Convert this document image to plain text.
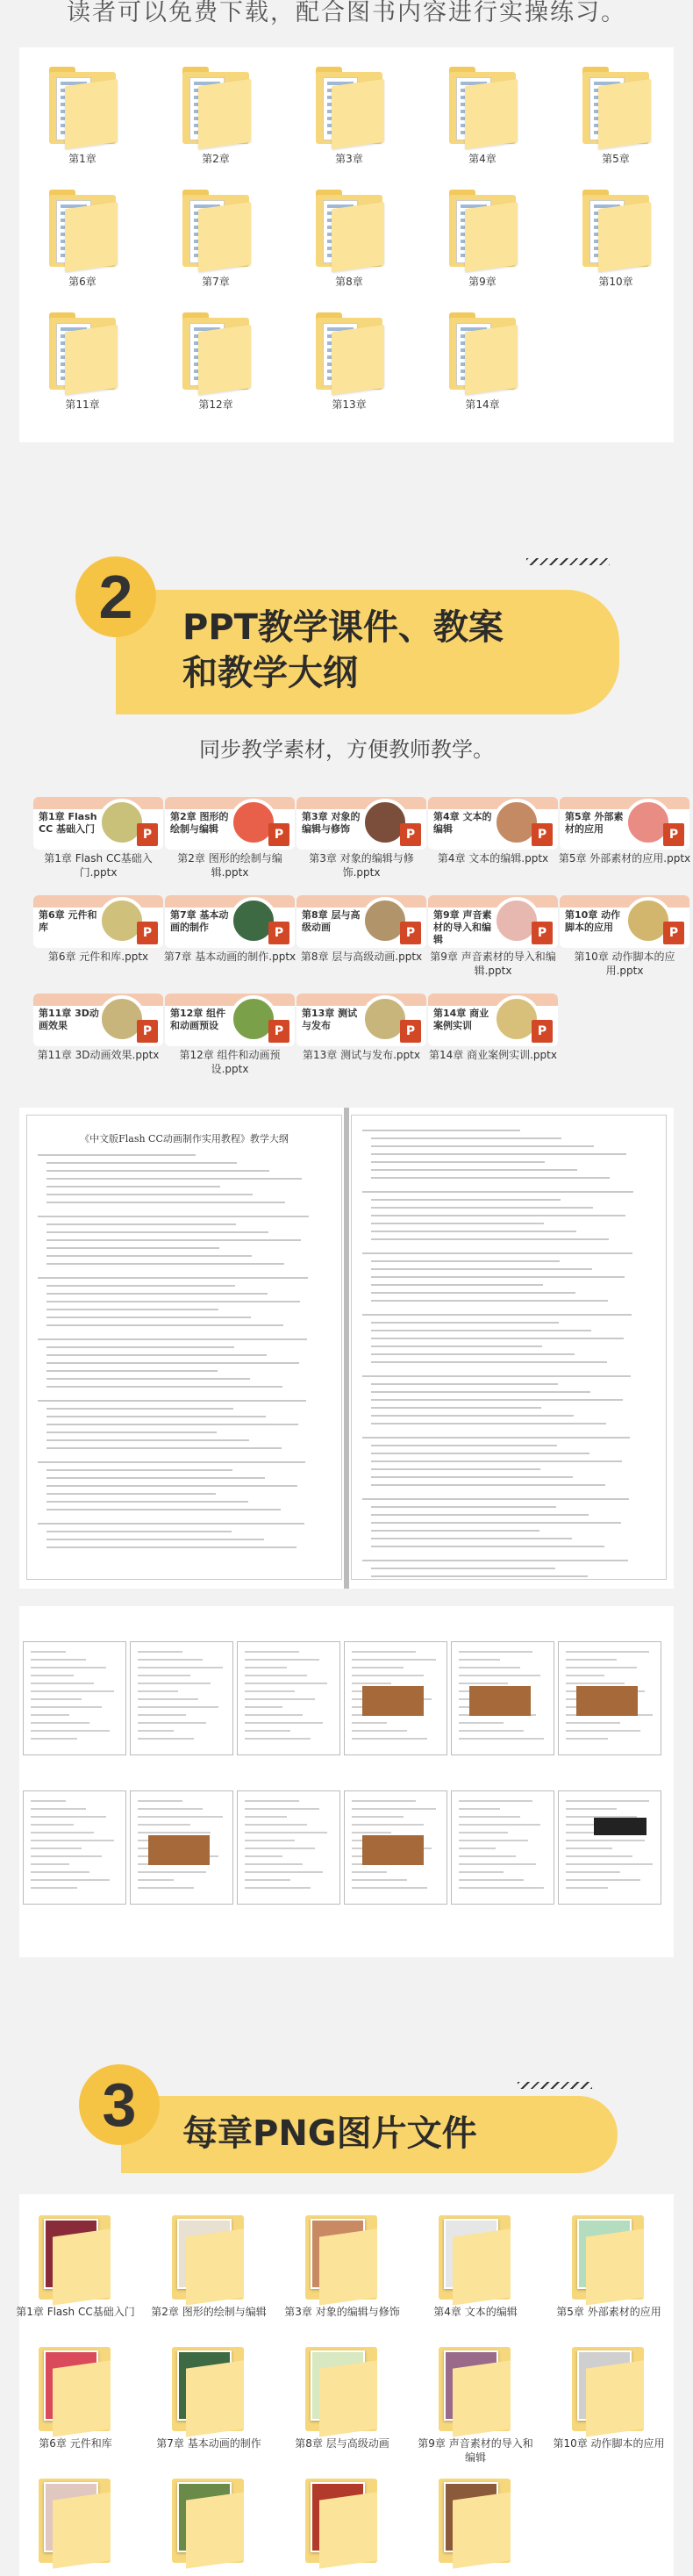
读者可以免费下载，配合图书内容进行实操练习。
第1章	第2章	第3章	第4章	第5章
第6章	第7章	第8章	第9章	第10章
第11章	第12章	第13章	第14章
PPT教学课件、教案
和教学大纲
2
同步教学素材，方便教师教学。
第1章 Flash CC 基础入门	P
第1章 Flash CC基础入门.pptx
第2章 图形的绘制与编辑	P
第2章 图形的绘制与编辑.pptx
第3章 对象的编辑与修饰	P
第3章 对象的编辑与修饰.pptx
第4章 文本的编辑	P
第4章 文本的编辑.pptx
第5章 外部素材的应用	P
第5章 外部素材的应用.pptx
第6章 元件和库	P
第6章 元件和库.pptx
第7章 基本动画的制作	P
第7章 基本动画的制作.pptx
第8章 层与高级动画	P
第8章 层与高级动画.pptx
第9章 声音素材的导入和编辑	P
第9章 声音素材的导入和编辑.pptx
第10章 动作脚本的应用	P
第10章 动作脚本的应用.pptx
第11章 3D动画效果	P
第11章 3D动画效果.pptx
第12章 组件和动画预设	P
第12章 组件和动画预设.pptx
第13章 测试与发布	P
第13章 测试与发布.pptx
第14章 商业案例实训	P
第14章 商业案例实训.pptx
《中文版Flash CC动画制作实用教程》教学大纲
每章PNG图片文件
3
第1章 Flash CC基础入门	第2章 图形的绘制与编辑	第3章 对象的编辑与修饰	第4章 文本的编辑	第5章 外部素材的应用
第6章 元件和库	第7章 基本动画的制作	第8章 层与高级动画	第9章 声音素材的导入和编辑
第10章 动作脚本的应用
